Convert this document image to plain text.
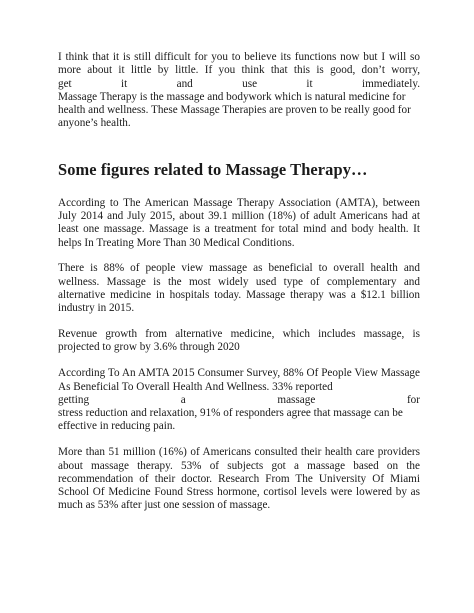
I think that it is still difficult for you to believe its functions now but I will so more about it little by little. If you think that this is good, don’t worry,

get it and use it immediately.

Massage Therapy is the massage and bodywork which is natural medicine for health and wellness. These Massage Therapies are proven to be really good for anyone’s health.

Some figures related to Massage Therapy…

According to The American Massage Therapy Association (AMTA), between July 2014 and July 2015, about 39.1 million (18%) of adult Americans had at least one massage. Massage is a treatment for total mind and body health. It helps In Treating More Than 30 Medical Conditions.

There is 88% of people view massage as beneficial to overall health and wellness. Massage is the most widely used type of complementary and alternative medicine in hospitals today. Massage therapy was a $12.1 billion industry in 2015.

Revenue growth from alternative medicine, which includes massage, is projected to grow by 3.6% through 2020

According To An AMTA 2015 Consumer Survey, 88% Of People View Massage As Beneficial To Overall Health And Wellness. 33% reported

getting a massage for

stress reduction and relaxation, 91% of responders agree that massage can be effective in reducing pain.

More than 51 million (16%) of Americans consulted their health care providers about massage therapy. 53% of subjects got a massage based on the recommendation of their doctor. Research From The University Of Miami School Of Medicine Found Stress hormone, cortisol levels were lowered by as much as 53% after just one session of massage.
